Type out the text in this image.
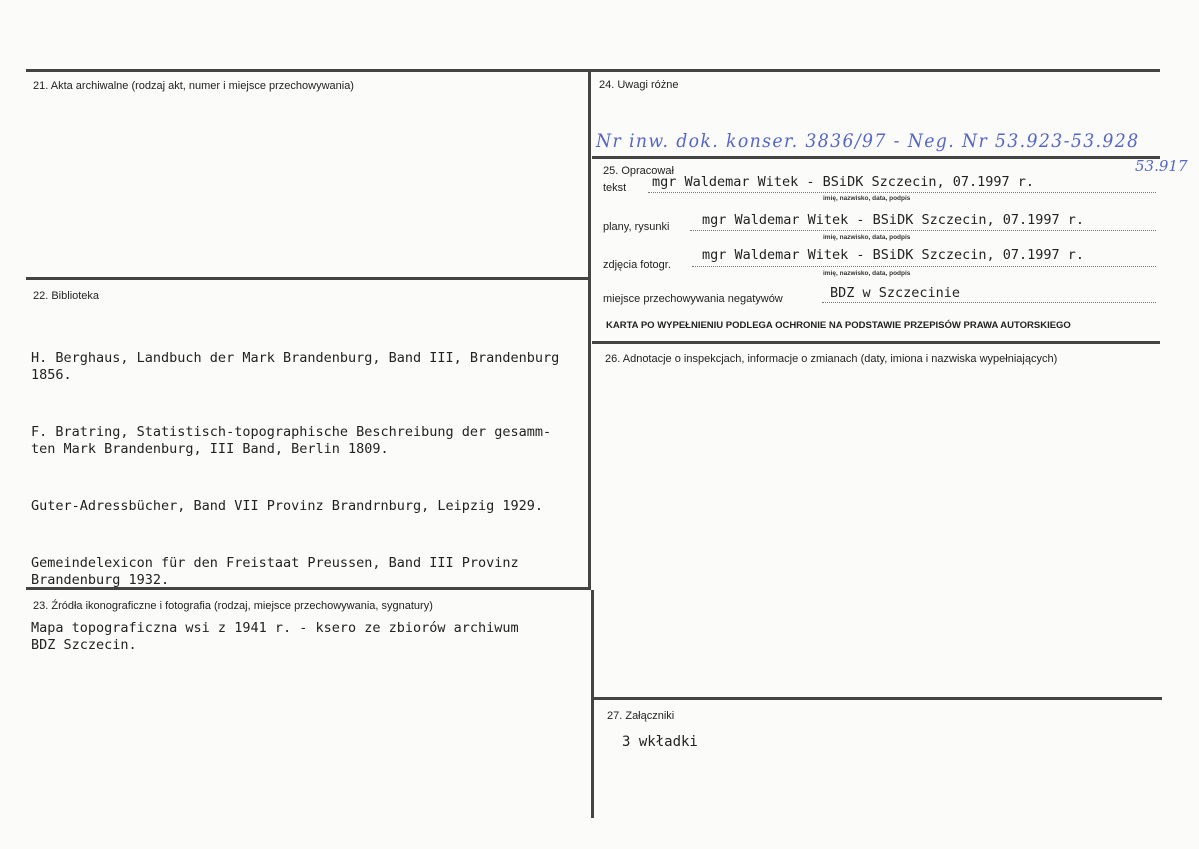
21. Akta archiwalne (rodzaj akt, numer i miejsce przechowywania)
22. Biblioteka

H. Berghaus, Landbuch der Mark Brandenburg, Band III, Brandenburg
1856.

F. Bratring, Statistisch-topographische Beschreibung der gesamm-
ten Mark Brandenburg, III Band, Berlin 1809.

Guter-Adressbücher, Band VII Provinz Brandrnburg, Leipzig 1929.

Gemeindelexicon für den Freistaat Preussen, Band III Provinz
Brandenburg 1932.

23. Źródła ikonograficzne i fotografia (rodzaj, miejsce przechowywania, sygnatury)
Mapa topograficzna wsi z 1941 r. - ksero ze zbiorów archiwum
BDZ Szczecin.
24. Uwagi różne
Nr inw. dok. konser. 3836/97 - Neg. Nr 53.923-53.928
53.917
25. Opracował
tekst mgr Waldemar Witek - BSiDK Szczecin, 07.1997 r.
imię, nazwisko, data, podpis
plany, rysunki mgr Waldemar Witek - BSiDK Szczecin, 07.1997 r.
imię, nazwisko, data, podpis
zdjęcia fotogr.
mgr Waldemar Witek - BSiDK Szczecin, 07.1997 r.
imię, nazwisko, data, podpis
miejsce przechowywania negatywów	BDZ w Szczecinie
KARTA PO WYPEŁNIENIU PODLEGA OCHRONIE NA PODSTAWIE PRZEPISÓW PRAWA AUTORSKIEGO
26. Adnotacje o inspekcjach, informacje o zmianach (daty, imiona i nazwiska wypełniających)
27. Załączniki
3 wkładki
